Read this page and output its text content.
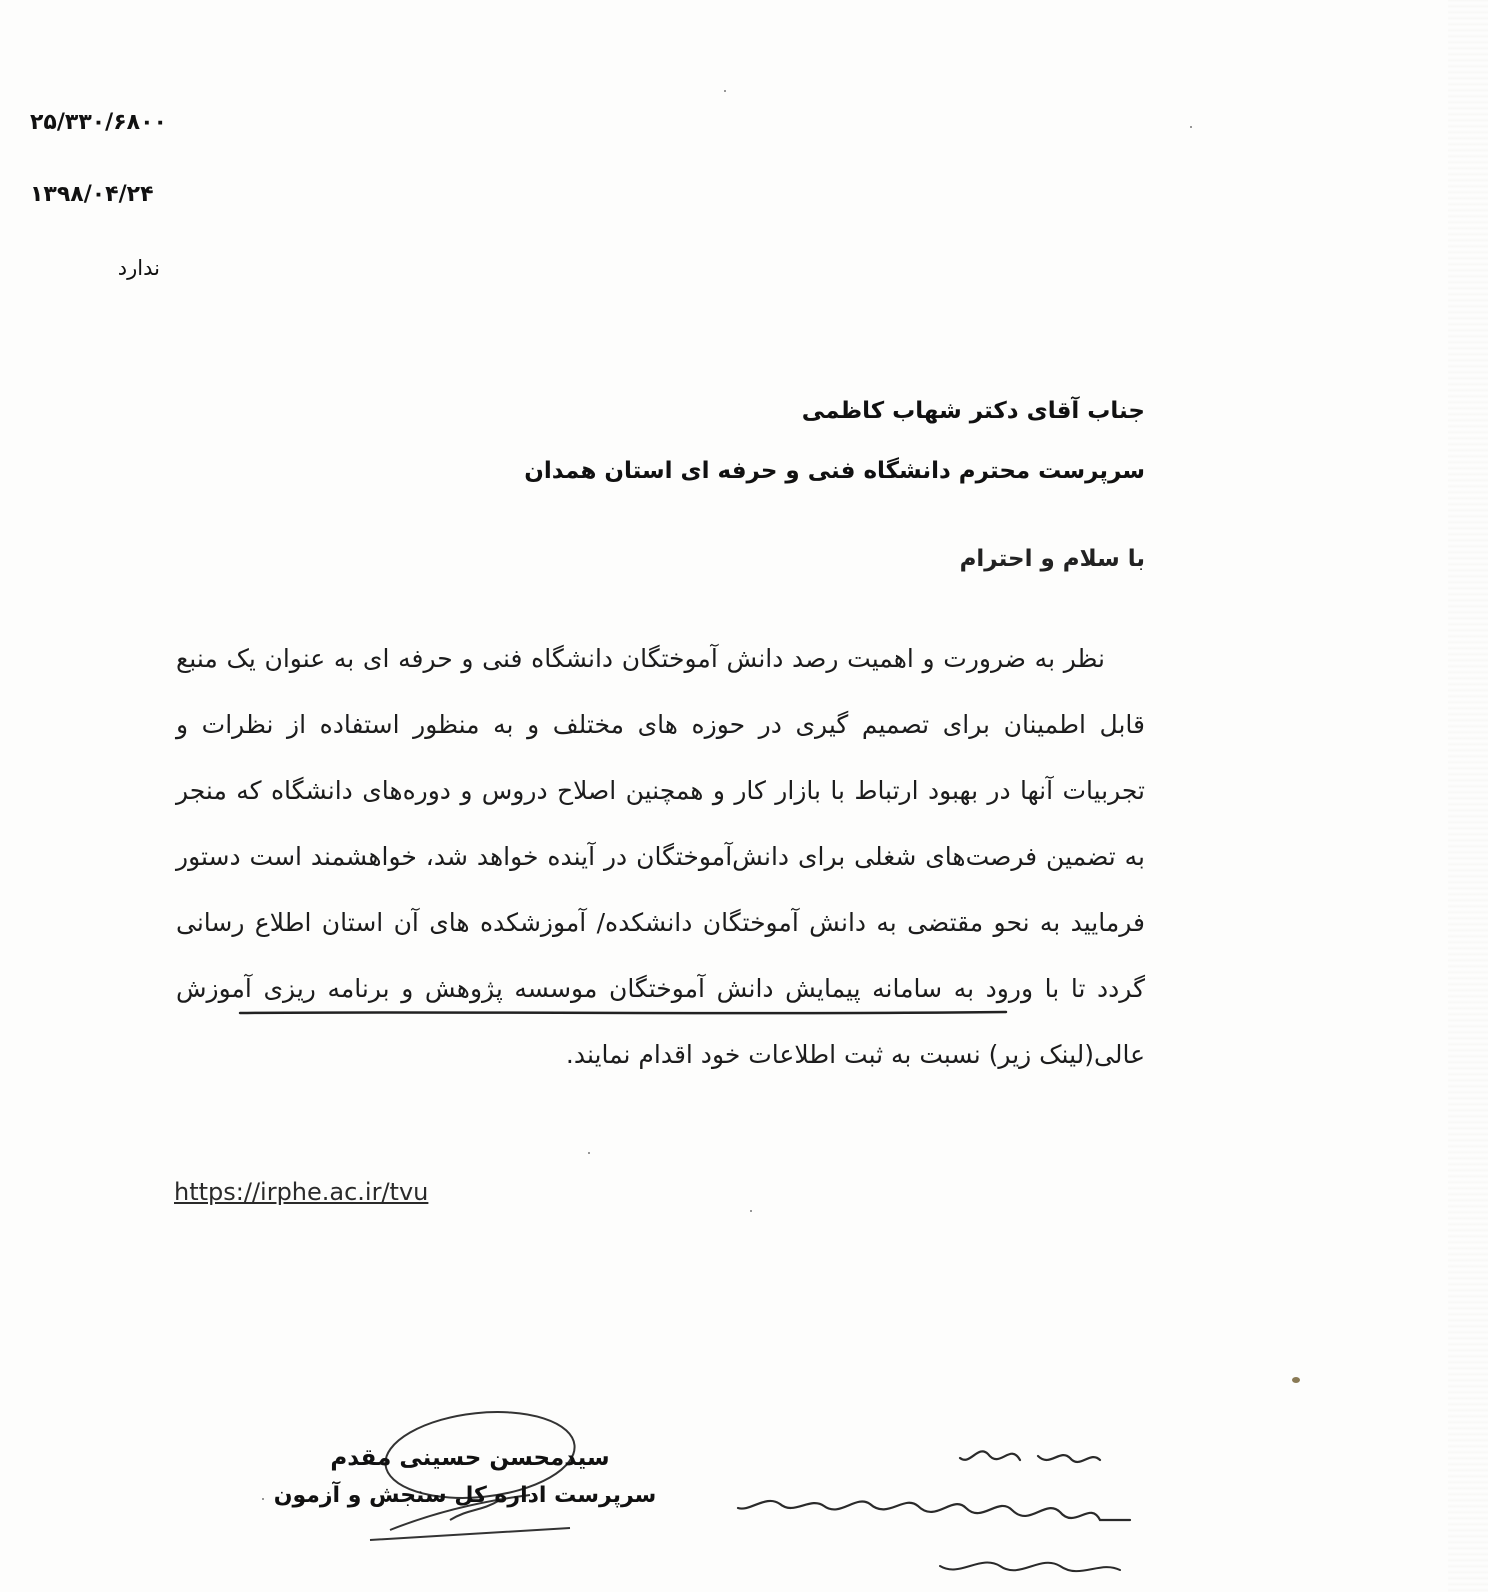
۲۵/۳۳۰/۶۸۰۰
۱۳۹۸/۰۴/۲۴
ندارد
جناب آقای دکتر شهاب کاظمی
سرپرست محترم دانشگاه فنی و حرفه ای استان همدان
با سلام و احترام

نظر به ضرورت و اهمیت رصد دانش آموختگان دانشگاه فنی و حرفه ای به عنوان یک منبع قابل اطمینان برای تصمیم گیری در حوزه های مختلف و به منظور استفاده از نظرات و تجربیات آنها در بهبود ارتباط با بازار کار و همچنین اصلاح دروس و دوره‌های دانشگاه که منجر به تضمین فرصت‌های شغلی برای دانش‌آموختگان در آینده خواهد شد، خواهشمند است دستور فرمایید به نحو مقتضی به دانش آموختگان دانشکده/ آموزشکده های آن استان اطلاع رسانی گردد تا با ورود به سامانه پیمایش دانش آموختگان موسسه پژوهش و برنامه ریزی آموزش عالی(لینک زیر) نسبت به ثبت اطلاعات خود اقدام نمایند.

https://irphe.ac.ir/tvu
سیدمحسن حسینی مقدم
سرپرست اداره کل سنجش و آزمون
